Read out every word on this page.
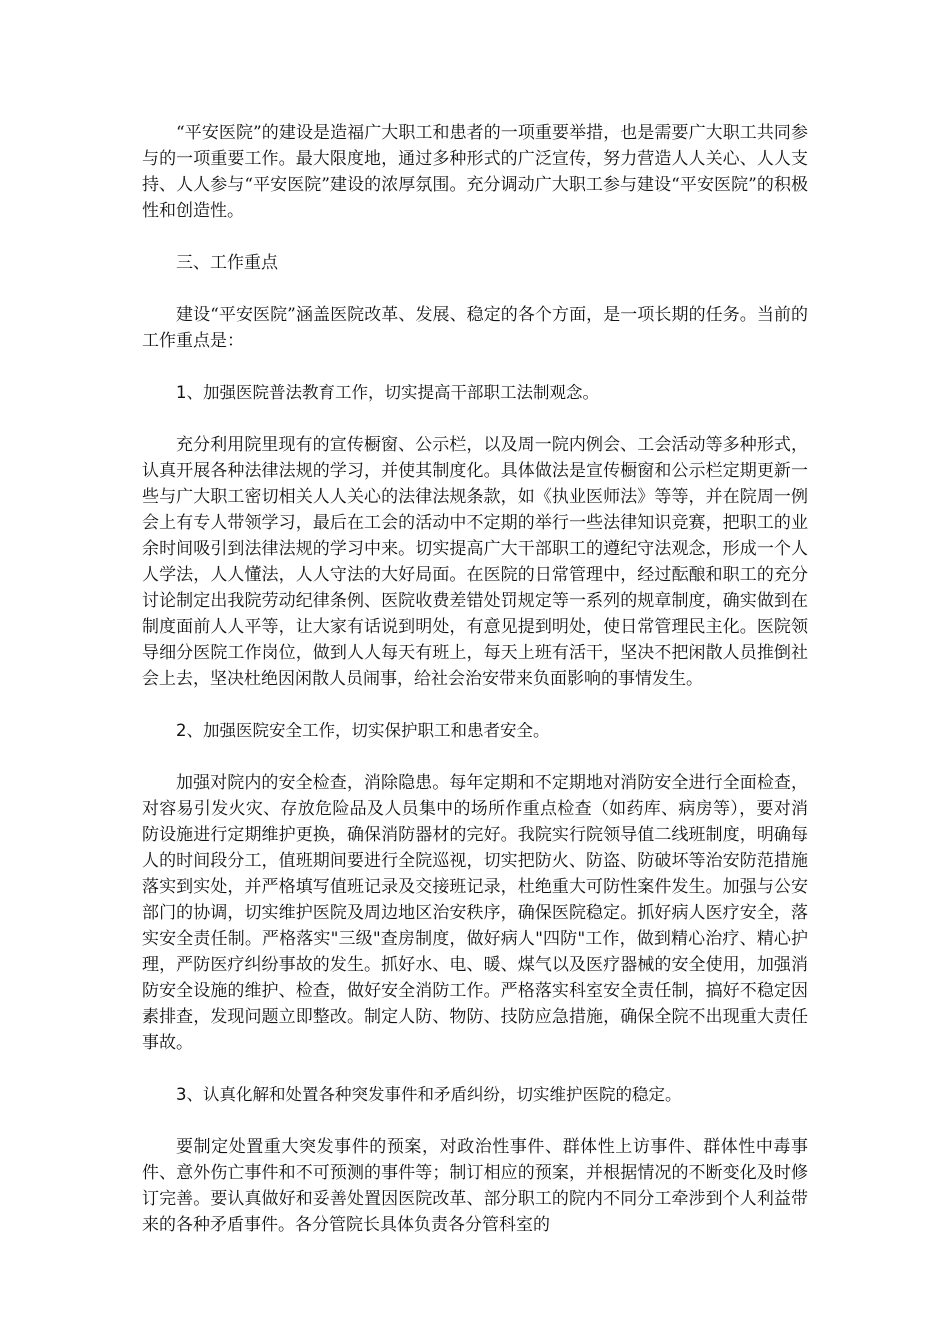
“平安医院”的建设是造福广大职工和患者的一项重要举措，也是需要广大职工共同参与的一项重要工作。最大限度地，通过多种形式的广泛宣传，努力营造人人关心、人人支持、人人参与“平安医院”建设的浓厚氛围。充分调动广大职工参与建设“平安医院”的积极性和创造性。

三、工作重点

建设“平安医院”涵盖医院改革、发展、稳定的各个方面，是一项长期的任务。当前的工作重点是：

1、加强医院普法教育工作，切实提高干部职工法制观念。

充分利用院里现有的宣传橱窗、公示栏，以及周一院内例会、工会活动等多种形式，认真开展各种法律法规的学习，并使其制度化。具体做法是宣传橱窗和公示栏定期更新一些与广大职工密切相关人人关心的法律法规条款，如《执业医师法》等等，并在院周一例会上有专人带领学习，最后在工会的活动中不定期的举行一些法律知识竞赛，把职工的业余时间吸引到法律法规的学习中来。切实提高广大干部职工的遵纪守法观念，形成一个人人学法，人人懂法，人人守法的大好局面。在医院的日常管理中，经过酝酿和职工的充分讨论制定出我院劳动纪律条例、医院收费差错处罚规定等一系列的规章制度，确实做到在制度面前人人平等，让大家有话说到明处，有意见提到明处，使日常管理民主化。医院领导细分医院工作岗位，做到人人每天有班上，每天上班有活干，坚决不把闲散人员推倒社会上去，坚决杜绝因闲散人员闹事，给社会治安带来负面影响的事情发生。

2、加强医院安全工作，切实保护职工和患者安全。

加强对院内的安全检查，消除隐患。每年定期和不定期地对消防安全进行全面检查，对容易引发火灾、存放危险品及人员集中的场所作重点检查（如药库、病房等），要对消防设施进行定期维护更换，确保消防器材的完好。我院实行院领导值二线班制度，明确每人的时间段分工，值班期间要进行全院巡视，切实把防火、防盗、防破坏等治安防范措施落实到实处，并严格填写值班记录及交接班记录，杜绝重大可防性案件发生。加强与公安部门的协调，切实维护医院及周边地区治安秩序，确保医院稳定。抓好病人医疗安全，落实安全责任制。严格落实"三级"查房制度，做好病人"四防"工作，做到精心治疗、精心护理，严防医疗纠纷事故的发生。抓好水、电、暖、煤气以及医疗器械的安全使用，加强消防安全设施的维护、检查，做好安全消防工作。严格落实科室安全责任制，搞好不稳定因素排查，发现问题立即整改。制定人防、物防、技防应急措施，确保全院不出现重大责任事故。

3、认真化解和处置各种突发事件和矛盾纠纷，切实维护医院的稳定。

要制定处置重大突发事件的预案，对政治性事件、群体性上访事件、群体性中毒事件、意外伤亡事件和不可预测的事件等；制订相应的预案，并根据情况的不断变化及时修订完善。要认真做好和妥善处置因医院改革、部分职工的院内不同分工牵涉到个人利益带来的各种矛盾事件。各分管院长具体负责各分管科室的
